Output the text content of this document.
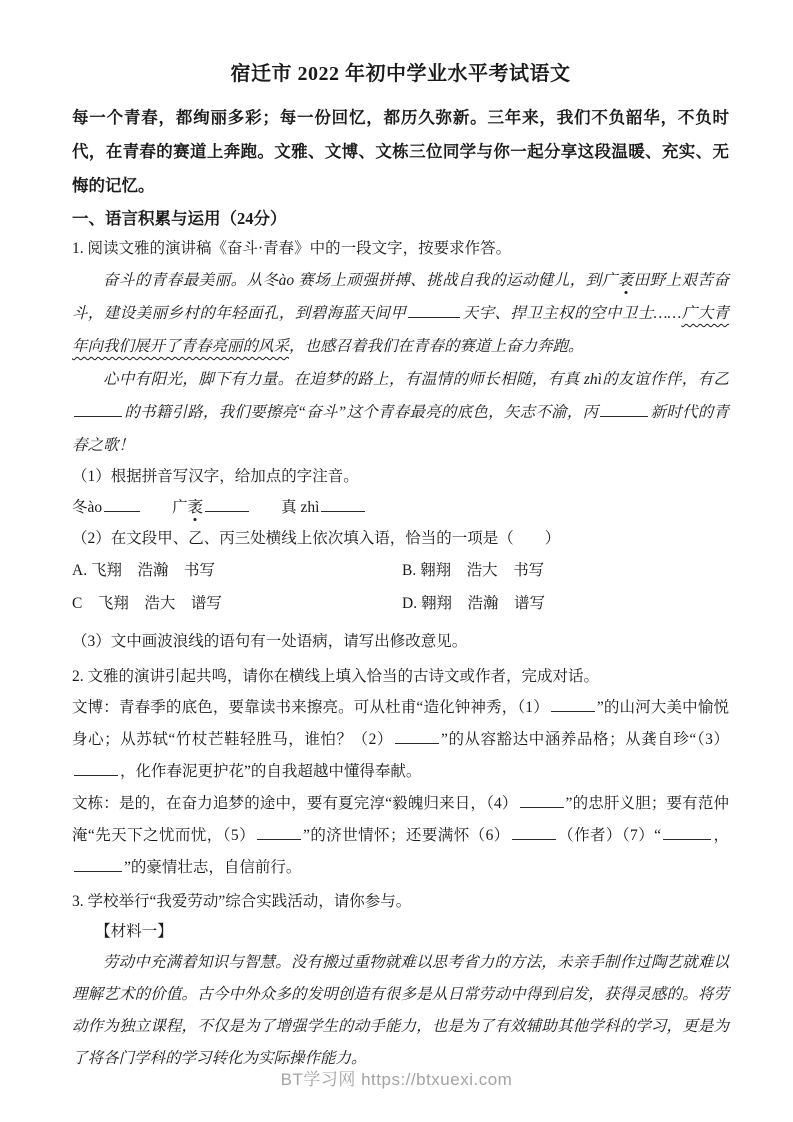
宿迁市 2022 年初中学业水平考试语文

每一个青春，都绚丽多彩；每一份回忆，都历久弥新。三年来，我们不负韶华，不负时代，在青春的赛道上奔跑。文雅、文博、文栋三位同学与你一起分享这段温暖、充实、无悔的记忆。

一、语言积累与运用（24分）

1. 阅读文雅的演讲稿《奋斗·青春》中的一段文字，按要求作答。

奋斗的青春最美丽。从冬ào 赛场上顽强拼搏、挑战自我的运动健儿，到广袤田野上艰苦奋斗，建设美丽乡村的年轻面孔，到碧海蓝天间甲	天宇、捍卫主权的空中卫士……广大青年向我们展开了青春亮丽的风采，也感召着我们在青春的赛道上奋力奔跑。

心中有阳光，脚下有力量。在追梦的路上，有温情的师长相随，有真 zhì的友谊作伴，有乙的书籍引路，我们要擦亮“奋斗”这个青春最亮的底色，矢志不渝，丙	新时代的青春之歌！

（1）根据拼音写汉字，给加点的字注音。

冬ào	广袤	真 zhì

（2）在文段甲、乙、丙三处横线上依次填入语，恰当的一项是（　　）

A. 飞翔　浩瀚　书写	B. 翱翔　浩大　书写
C　飞翔　浩大　谱写	D. 翱翔　浩瀚　谱写

（3）文中画波浪线的语句有一处语病，请写出修改意见。

2. 文雅的演讲引起共鸣，请你在横线上填入恰当的古诗文或作者，完成对话。

文博：青春季的底色，要靠读书来擦亮。可从杜甫“造化钟神秀，（1）	”的山河大美中愉悦身心；从苏轼“竹杖芒鞋轻胜马，谁怕？（2）	”的从容豁达中涵养品格；从龚自珍“（3），化作春泥更护花”的自我超越中懂得奉献。

文栋：是的，在奋力追梦的途中，要有夏完淳“毅魄归来日，（4）	”的忠肝义胆；要有范仲淹“先天下之忧而忧，（5）	”的济世情怀；还要满怀（6）	（作者）（7）“	，”的豪情壮志，自信前行。

3. 学校举行“我爱劳动”综合实践活动，请你参与。

【材料一】

劳动中充满着知识与智慧。没有搬过重物就难以思考省力的方法，未亲手制作过陶艺就难以理解艺术的价值。古今中外众多的发明创造有很多是从日常劳动中得到启发，获得灵感的。将劳动作为独立课程，不仅是为了增强学生的动手能力，也是为了有效辅助其他学科的学习，更是为了将各门学科的学习转化为实际操作能力。

BT学习网 https://btxuexi.com
